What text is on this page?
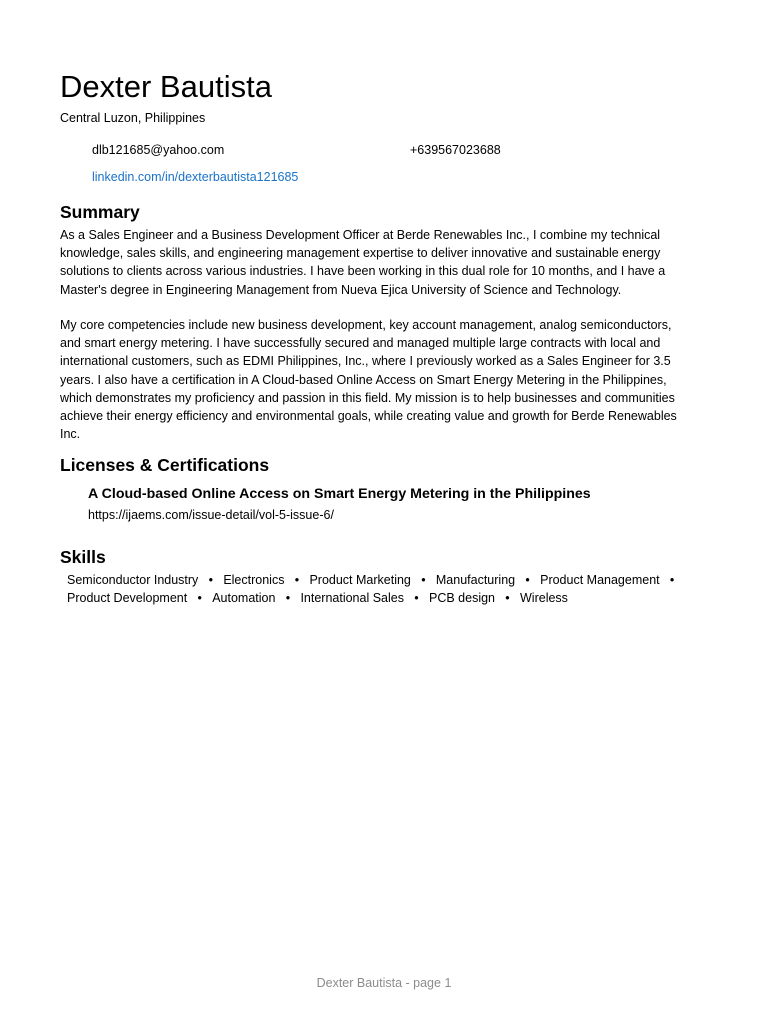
Dexter Bautista
Central Luzon, Philippines
dlb121685@yahoo.com	+639567023688
linkedin.com/in/dexterbautista121685
Summary

As a Sales Engineer and a Business Development Officer at Berde Renewables Inc., I combine my technical knowledge, sales skills, and engineering management expertise to deliver innovative and sustainable energy solutions to clients across various industries. I have been working in this dual role for 10 months, and I have a Master's degree in Engineering Management from Nueva Ejica University of Science and Technology.

My core competencies include new business development, key account management, analog semiconductors, and smart energy metering. I have successfully secured and managed multiple large contracts with local and international customers, such as EDMI Philippines, Inc., where I previously worked as a Sales Engineer for 3.5 years. I also have a certification in A Cloud-based Online Access on Smart Energy Metering in the Philippines, which demonstrates my proficiency and passion in this field. My mission is to help businesses and communities achieve their energy efficiency and environmental goals, while creating value and growth for Berde Renewables Inc.

Licenses & Certifications
A Cloud-based Online Access on Smart Energy Metering in the Philippines
https://ijaems.com/issue-detail/vol-5-issue-6/
Skills
Semiconductor Industry • Electronics • Product Marketing • Manufacturing • Product Management •
Product Development • Automation • International Sales • PCB design • Wireless
Dexter Bautista - page 1
